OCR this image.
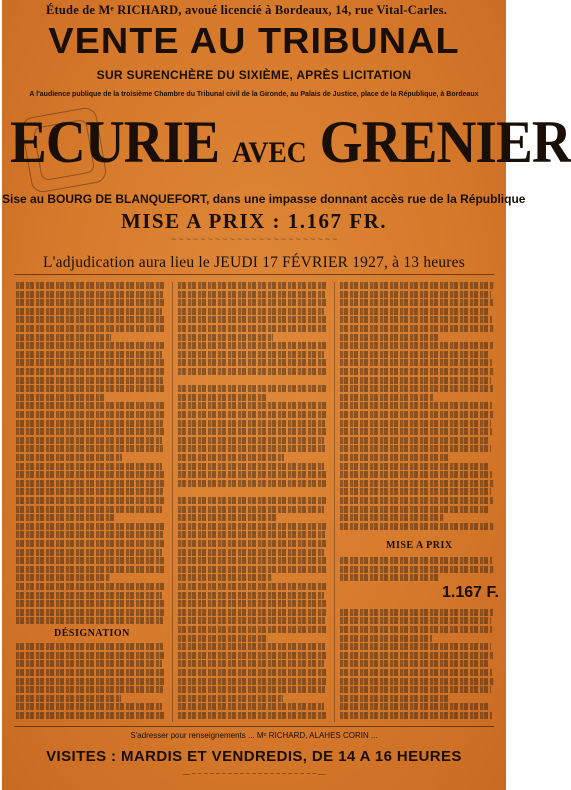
Étude de Mᵉ RICHARD, avoué licencié à Bordeaux, 14, rue Vital-Carles.
VENTE AU TRIBUNAL
SUR SURENCHÈRE DU SIXIÈME, APRÈS LICITATION
A l'audience publique de la troisième Chambre du Tribunal civil de la Gironde, au Palais de Justice, place de la République, à Bordeaux
ECURIE AVEC GRENIER
Sise au BOURG DE BLANQUEFORT, dans une impasse donnant accès rue de la République
MISE A PRIX : 1.167 FR.
~ ~ ~ ~ ~ ~ ~ ~ ~ ~ ~ ~ ~ ~ ~ ~ ~ ~ ~ ~ ~ ~ ~
L'adjudication aura lieu le JEUDI 17 FÉVRIER 1927, à 13 heures
DÉSIGNATION
MISE A PRIX
1.167 F.
S'adresser pour renseignements ... Mᵉ RICHARD, ALAHES CORIN ...
VISITES : MARDIS ET VENDREDIS, DE 14 A 16 HEURES
— ~ ~ ~ ~ ~ ~ ~ ~ ~ ~ ~ ~ ~ ~ ~ ~ ~ ~ ~ ~ ~ —
